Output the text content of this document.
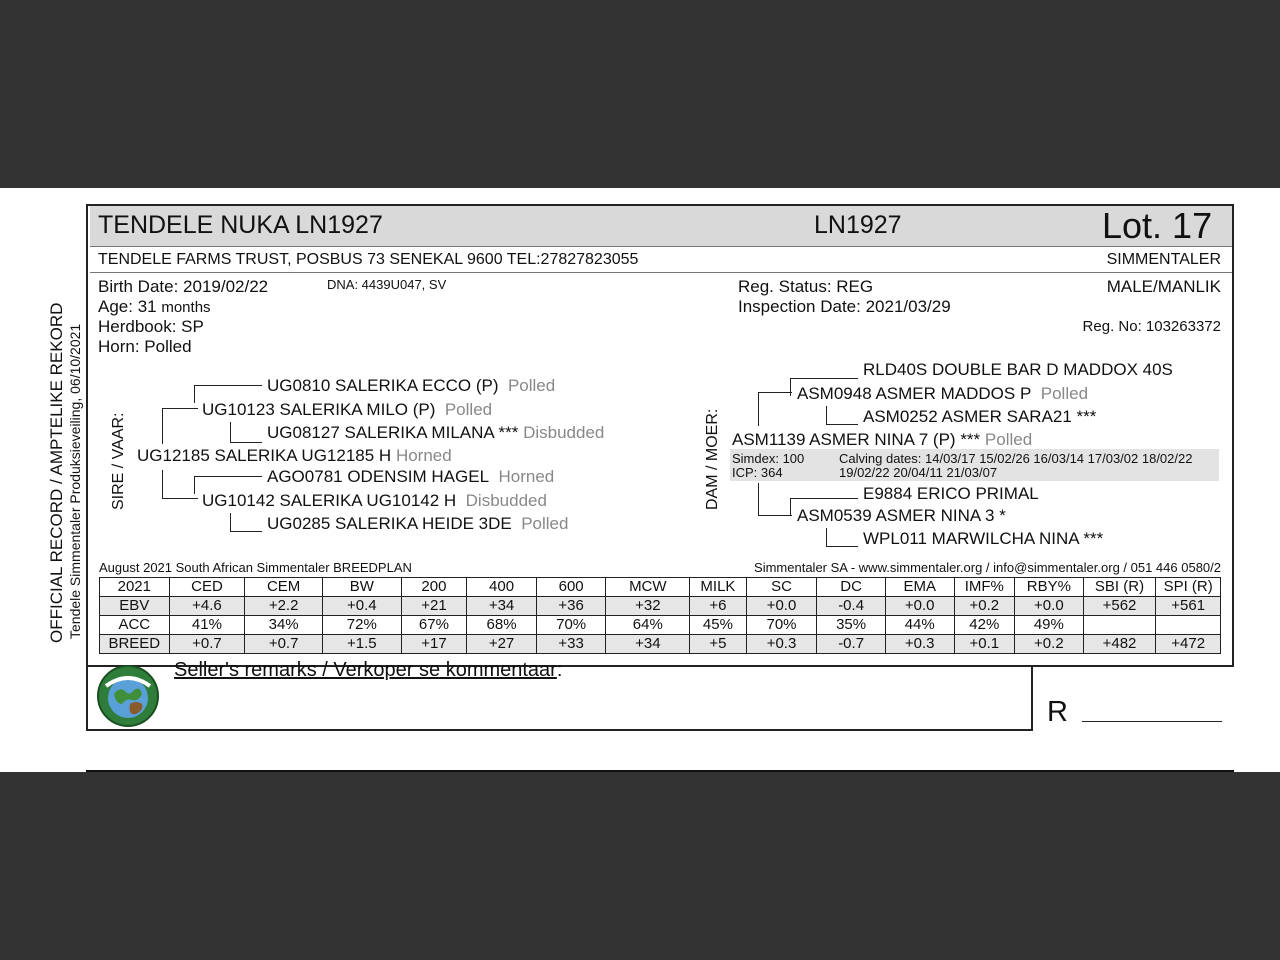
TENDELE NUKA LN1927	LN1927	Lot. 17
TENDELE FARMS TRUST, POSBUS 73 SENEKAL 9600 TEL:27827823055	SIMMENTALER
Birth Date: 2019/02/22	DNA: 4439U047, SV
Age: 31 months
Herdbook: SP
Horn: Polled
Reg. Status: REG
Inspection Date: 2021/03/29
MALE/MANLIK
Reg. No: 103263372
OFFICIAL RECORD / AMPTELIKE REKORD Tendele Simmentaler Produksieveiling, 06/10/2021 SIRE / VAAR: UG12185 SALERIKA UG12185 H Horned
UG10123 SALERIKA MILO (P) Polled
UG0810 SALERIKA ECCO (P) Polled
UG08127 SALERIKA MILANA *** Disbudded
UG10142 SALERIKA UG10142 H Disbudded
AGO0781 ODENSIM HAGEL Horned
UG0285 SALERIKA HEIDE 3DE Polled
DAM / MOER: ASM1139 ASMER NINA 7 (P) *** Polled
Simdex: 100
ICP: 364
Calving dates: 14/03/17 15/02/26 16/03/14 17/03/02 18/02/22
19/02/22 20/04/11 21/03/07
ASM0948 ASMER MADDOS P Polled
RLD40S DOUBLE BAR D MADDOX 40S
ASM0252 ASMER SARA21 ***
ASM0539 ASMER NINA 3 *
E9884 ERICO PRIMAL
WPL011 MARWILCHA NINA ***
August 2021 South African Simmentaler BREEDPLAN	Simmentaler SA - www.simmentaler.org / info@simmentaler.org / 051 446 0580/2
2021	CED	CEM	BW	200	400	600	MCW	MILK	SC	DC	EMA	IMF%	RBY%	SBI (R)	SPI (R)
EBV	+4.6	+2.2	+0.4	+21	+34	+36	+32	+6	+0.0	-0.4	+0.0	+0.2	+0.0	+562	+561
ACC	41%	34%	72%	67%	68%	70%	64%	45%	70%	35%	44%	42%	49%		
BREED	+0.7	+0.7	+1.5	+17	+27	+33	+34	+5	+0.3	-0.7	+0.3	+0.1	+0.2	+482	+472
Seller's remarks / Verkoper se kommentaar:
R
